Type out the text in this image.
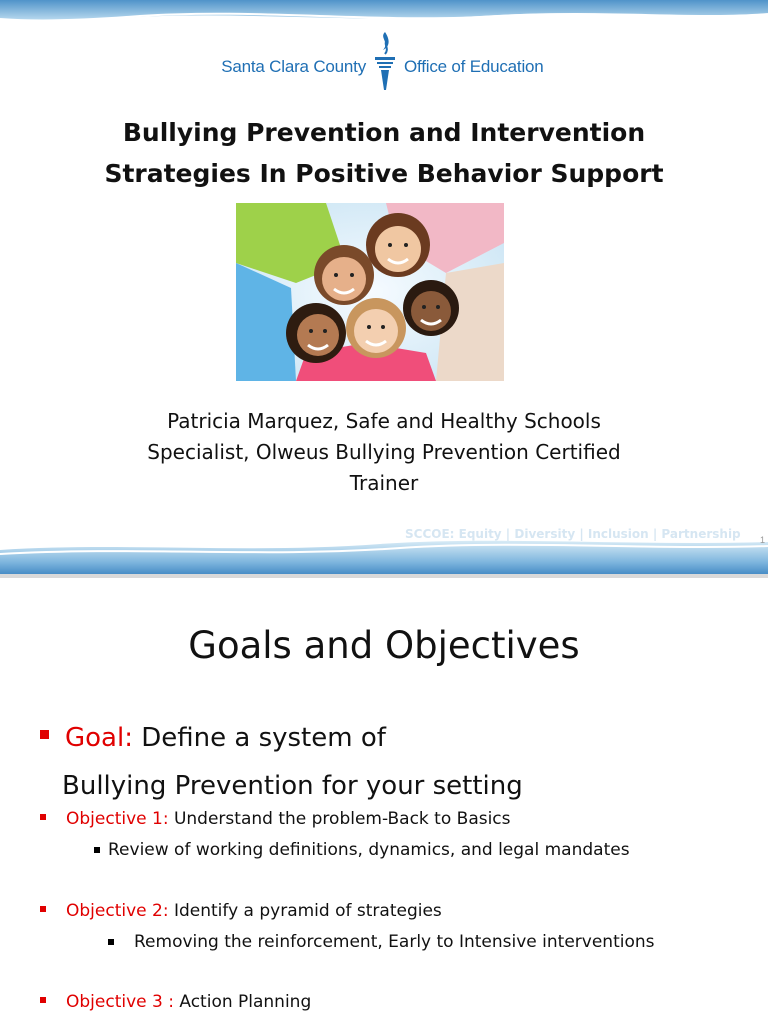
Santa Clara County Office of Education
Bullying Prevention and Intervention
Strategies In Positive Behavior Support
Patricia Marquez, Safe and Healthy Schools
Specialist, Olweus Bullying Prevention Certified
Trainer
SCCOE: Equity | Diversity | Inclusion | Partnership 1
Goals and Objectives
Goal: Define a system of
Bullying Prevention for your setting
Objective 1: Understand the problem-Back to Basics
Review of working definitions, dynamics, and legal mandates
Objective 2: Identify a pyramid of strategies
Removing the reinforcement, Early to Intensive interventions
Objective 3 : Action Planning
